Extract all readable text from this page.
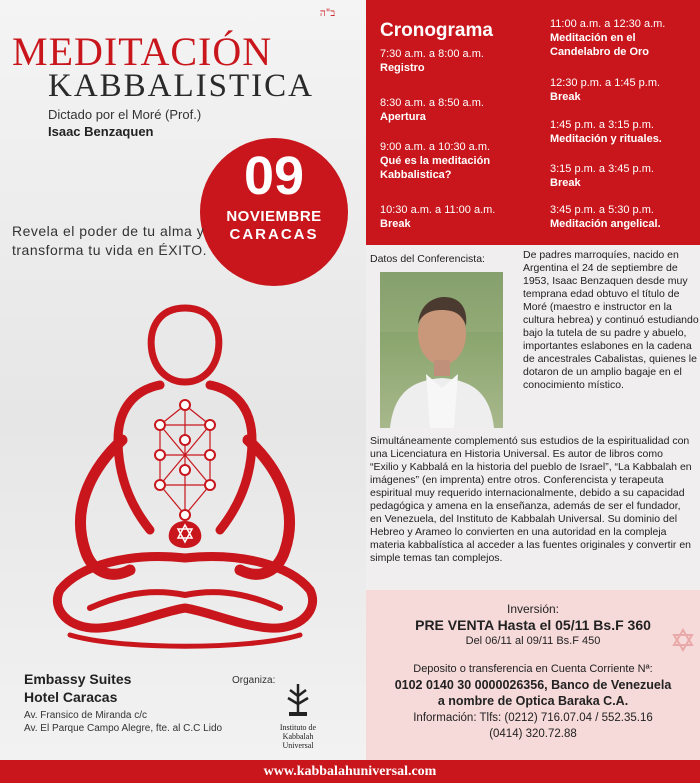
ב"ה
MEDITACIÓN
KABBALISTICA
Dictado por el Moré (Prof.)
Isaac Benzaquen
09
NOVIEMBRE
CARACAS
Revela el poder de tu alma y transforma tu vida en ÉXITO.
Embassy Suites
Hotel Caracas
Av. Fransico de Miranda c/c
Av. El Parque Campo Alegre, fte. al C.C Lido
Organiza:
Instituto de Kabbalah
Universal
Cronograma
7:30 a.m. a 8:00 a.m.
Registro
8:30 a.m. a 8:50 a.m.
Apertura
9:00 a.m. a 10:30 a.m.
Qué es la meditación Kabbalistica?
10:30 a.m. a 11:00 a.m.
Break
11:00 a.m. a 12:30 a.m.
Meditación en el Candelabro de Oro
12:30 p.m. a 1:45 p.m.
Break
1:45 p.m. a 3:15 p.m.
Meditación y rituales.
3:15 p.m. a 3:45 p.m.
Break
3:45 p.m. a 5:30 p.m.
Meditación angelical.
Datos del Conferencista:	De padres marroquíes, nacido en Argentina el 24 de septiembre de 1953, Isaac Benzaquen desde muy temprana edad obtuvo el título de Moré (maestro e instructor en la cultura hebrea) y continuó estudiando bajo la tutela de su padre y abuelo, importantes eslabones en la cadena de ancestrales Cabalistas, quienes le dotaron de un amplio bagaje en el conocimiento místico.
Simultáneamente complementó sus estudios de la espiritualidad con una Licenciatura en Historia Universal. Es autor de libros como “Exilio y Kabbalá en la historia del pueblo de Israel”, “La Kabbalah en imágenes” (en imprenta) entre otros. Conferencista y terapeuta espiritual muy requerido internacionalmente, debido a su capacidad pedagógica y amena en la enseñanza, además de ser el fundador, en Venezuela, del Instituto de Kabbalah Universal. Su dominio del Hebreo y Arameo lo convierten en una autoridad en la compleja materia kabbalística al acceder a las fuentes originales y convertir en simple temas tan complejos.
Inversión:
PRE VENTA Hasta el 05/11 Bs.F 360
Del 06/11 al 09/11 Bs.F 450
Deposito o transferencia en Cuenta Corriente Nª:
0102 0140 30 0000026356, Banco de Venezuela
a nombre de Optica Baraka C.A.
Información: Tlfs: (0212) 716.07.04 / 552.35.16
(0414) 320.72.88
www.kabbalahuniversal.com
